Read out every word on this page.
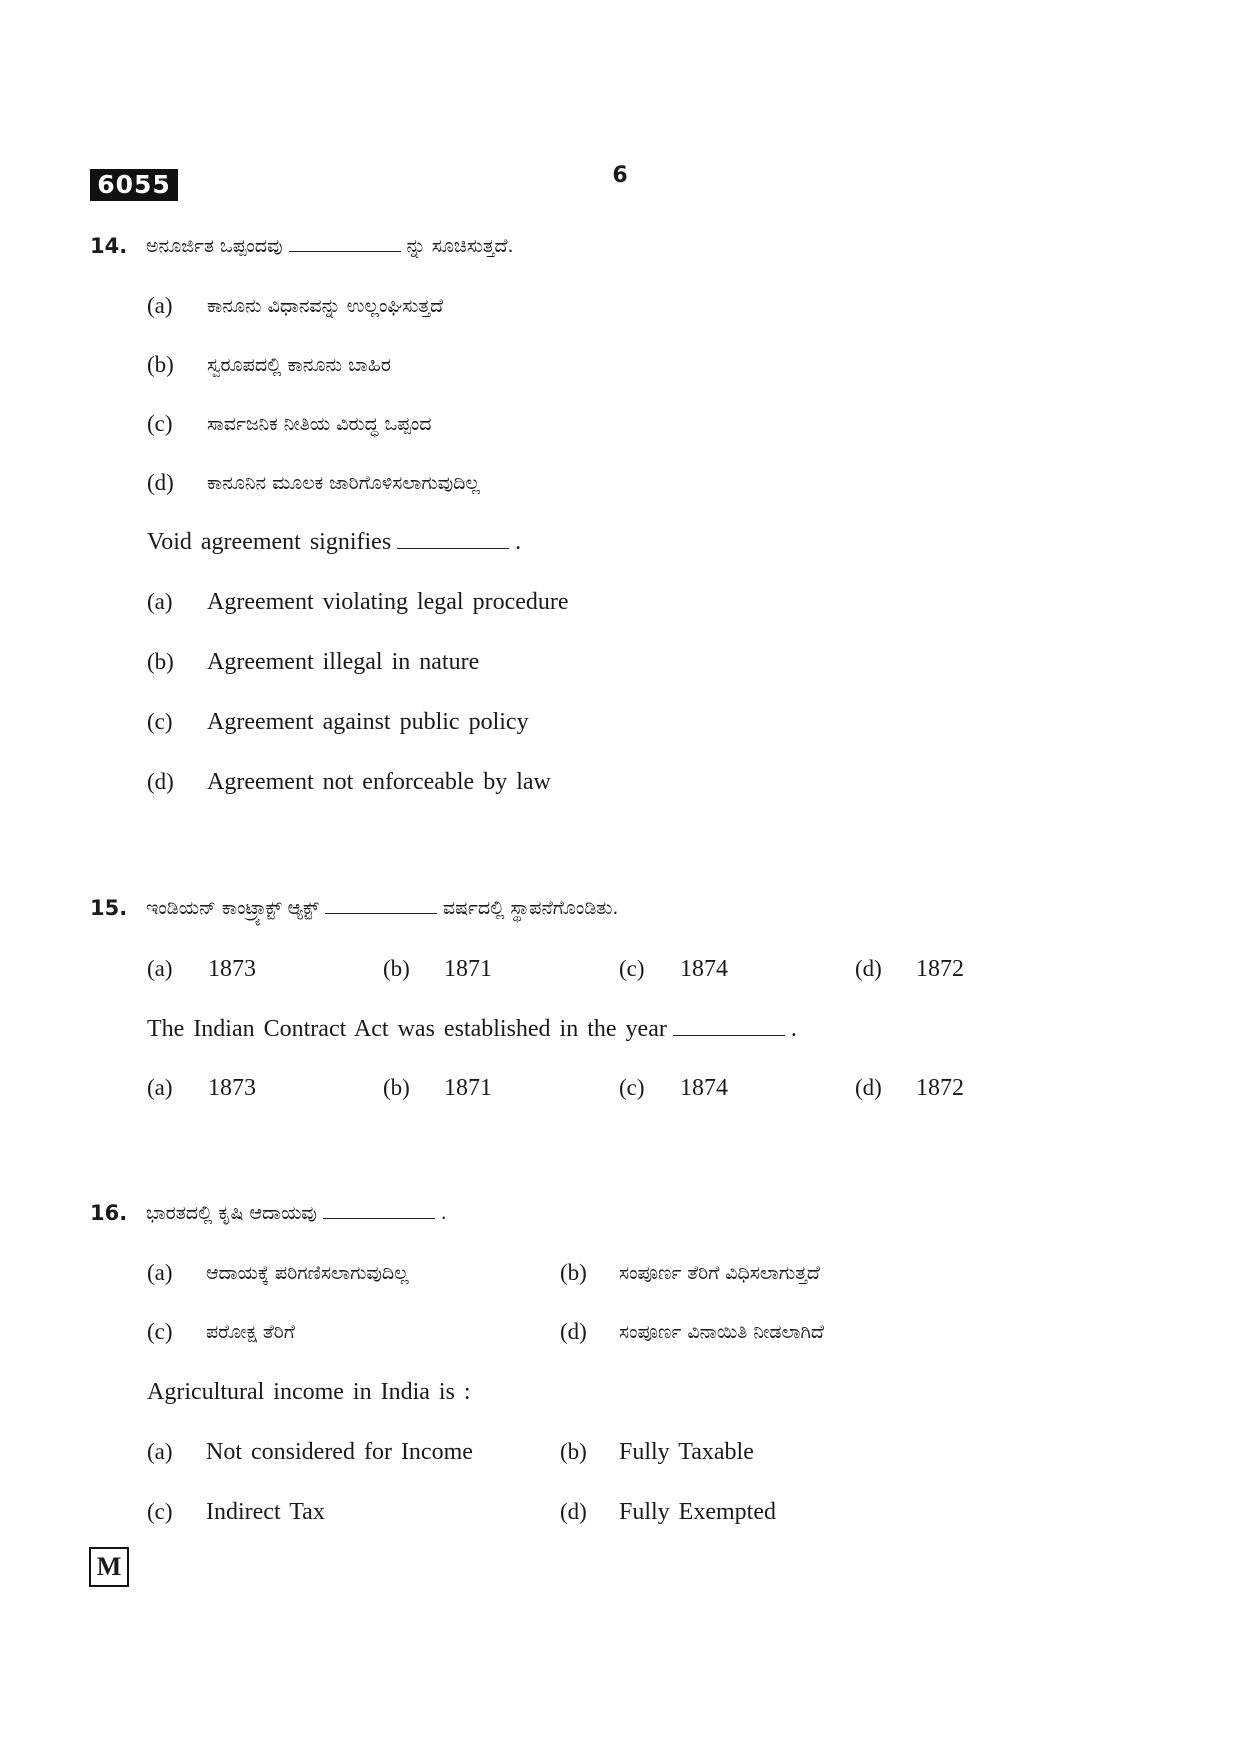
6055	6
14. ಅನೂರ್ಜಿತ ಒಪ್ಪಂದವು	ನ್ನು ಸೂಚಿಸುತ್ತದೆ.
(a) ಕಾನೂನು ವಿಧಾನವನ್ನು ಉಲ್ಲಂಘಿಸುತ್ತದೆ
(b) ಸ್ವರೂಪದಲ್ಲಿ ಕಾನೂನು ಬಾಹಿರ
(c) ಸಾರ್ವಜನಿಕ ನೀತಿಯ ವಿರುದ್ಧ ಒಪ್ಪಂದ
(d) ಕಾನೂನಿನ ಮೂಲಕ ಜಾರಿಗೊಳಿಸಲಾಗುವುದಿಲ್ಲ
Void agreement signifies	.
(a) Agreement violating legal procedure
(b) Agreement illegal in nature
(c) Agreement against public policy
(d) Agreement not enforceable by law
15. ಇಂಡಿಯನ್ ಕಾಂಟ್ರ್ಯಾಕ್ಟ್ ಆ್ಯಕ್ಟ್	ವರ್ಷದಲ್ಲಿ ಸ್ಥಾಪನೆಗೊಂಡಿತು.
(a) 1873	(b) 1871	(c) 1874	(d) 1872
The Indian Contract Act was established in the year	.
(a) 1873	(b) 1871	(c) 1874	(d) 1872
16. ಭಾರತದಲ್ಲಿ ಕೃಷಿ ಆದಾಯವು	.
(a) ಆದಾಯಕ್ಕೆ ಪರಿಗಣಿಸಲಾಗುವುದಿಲ್ಲ	(b) ಸಂಪೂರ್ಣ ತೆರಿಗೆ ವಿಧಿಸಲಾಗುತ್ತದೆ
(c) ಪರೋಕ್ಷ ತೆರಿಗೆ	(d) ಸಂಪೂರ್ಣ ವಿನಾಯಿತಿ ನೀಡಲಾಗಿದೆ
Agricultural income in India is :
(a) Not considered for Income	(b) Fully Taxable
(c) Indirect Tax	(d) Fully Exempted
M
